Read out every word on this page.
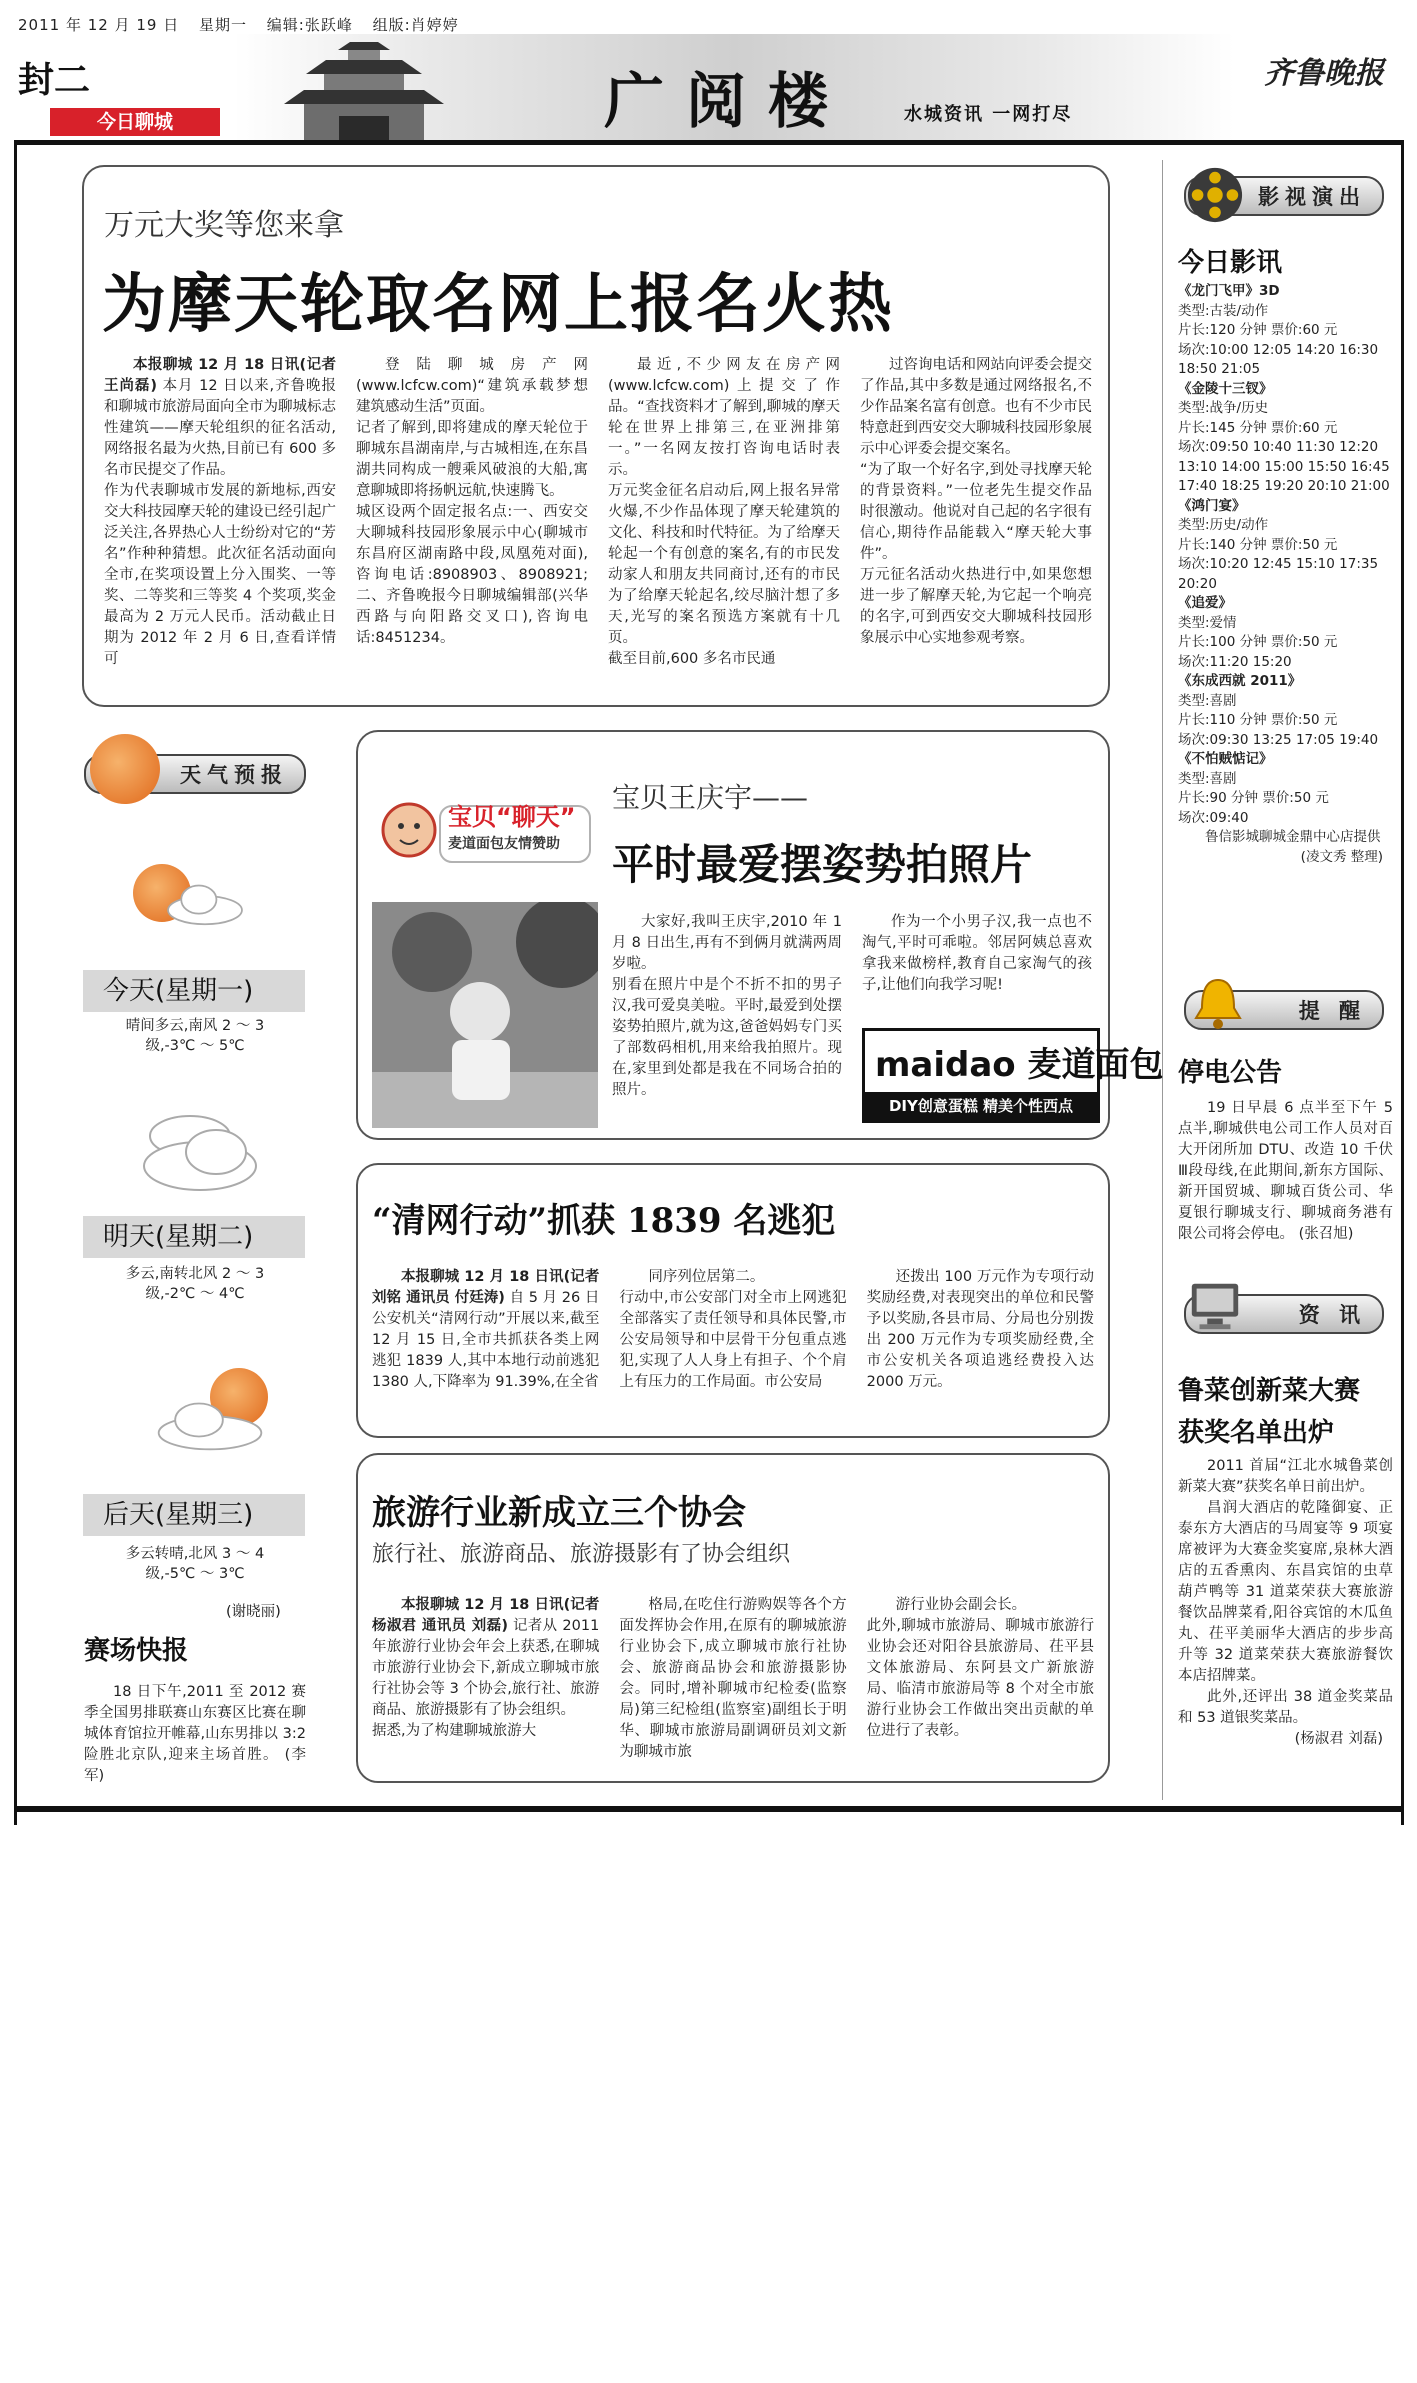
2011 年 12 月 19 日 星期一 编辑:张跃峰 组版:肖婷婷
封二
今日聊城	广阅楼	水城资讯 一网打尽
齐鲁晚报
万元大奖等您来拿
为摩天轮取名网上报名火热

本报聊城 12 月 18 日讯(记者 王尚磊) 本月 12 日以来,齐鲁晚报和聊城市旅游局面向全市为聊城标志性建筑——摩天轮组织的征名活动,网络报名最为火热,目前已有 600 多名市民提交了作品。
作为代表聊城市发展的新地标,西安交大科技园摩天轮的建设已经引起广泛关注,各界热心人士纷纷对它的“芳名”作种种猜想。此次征名活动面向全市,在奖项设置上分入围奖、一等奖、二等奖和三等奖 4 个奖项,奖金最高为 2 万元人民币。活动截止日期为 2012 年 2 月 6 日,查看详情可

登陆聊城房产网(www.lcfcw.com)“建筑承载梦想 建筑感动生活”页面。
记者了解到,即将建成的摩天轮位于聊城东昌湖南岸,与古城相连,在东昌湖共同构成一艘乘风破浪的大船,寓意聊城即将扬帆远航,快速腾飞。
城区设两个固定报名点:一、西安交大聊城科技园形象展示中心(聊城市东昌府区湖南路中段,凤凰苑对面),咨询电话:8908903、8908921;二、齐鲁晚报今日聊城编辑部(兴华西路与向阳路交叉口),咨询电话:8451234。

最近,不少网友在房产网(www.lcfcw.com)上提交了作品。“查找资料才了解到,聊城的摩天轮在世界上排第三,在亚洲排第一。”一名网友按打咨询电话时表示。
万元奖金征名启动后,网上报名异常火爆,不少作品体现了摩天轮建筑的文化、科技和时代特征。为了给摩天轮起一个有创意的案名,有的市民发动家人和朋友共同商讨,还有的市民为了给摩天轮起名,绞尽脑汁想了多天,光写的案名预选方案就有十几页。
截至目前,600 多名市民通

过咨询电话和网站向评委会提交了作品,其中多数是通过网络报名,不少作品案名富有创意。也有不少市民特意赶到西安交大聊城科技园形象展示中心评委会提交案名。
“为了取一个好名字,到处寻找摩天轮的背景资料。”一位老先生提交作品时很激动。他说对自己起的名字很有信心,期待作品能载入“摩天轮大事件”。
万元征名活动火热进行中,如果您想进一步了解摩天轮,为它起一个响亮的名字,可到西安交大聊城科技园形象展示中心实地参观考察。

宝贝王庆宇——
平时最爱摆姿势拍照片

大家好,我叫王庆宇,2010 年 1 月 8 日出生,再有不到俩月就满两周岁啦。
别看在照片中是个不折不扣的男子汉,我可爱臭美啦。平时,最爱到处摆姿势拍照片,就为这,爸爸妈妈专门买了部数码相机,用来给我拍照片。现在,家里到处都是我在不同场合拍的照片。

作为一个小男子汉,我一点也不淘气,平时可乖啦。邻居阿姨总喜欢拿我来做榜样,教育自己家淘气的孩子,让他们向我学习呢!

宝贝“聊天”
麦道面包友情赞助
maidao 麦道面包
DIY创意蛋糕 精美个性西点
“清网行动”抓获 1839 名逃犯

本报聊城 12 月 18 日讯(记者 刘铭 通讯员 付廷涛) 自 5 月 26 日公安机关“清网行动”开展以来,截至 12 月 15 日,全市共抓获各类上网逃犯 1839 人,其中本地行动前逃犯 1380 人,下降率为 91.39%,在全省

同序列位居第二。
行动中,市公安部门对全市上网逃犯全部落实了责任领导和具体民警,市公安局领导和中层骨干分包重点逃犯,实现了人人身上有担子、个个肩上有压力的工作局面。市公安局

还拨出 100 万元作为专项行动奖励经费,对表现突出的单位和民警予以奖励,各县市局、分局也分别拨出 200 万元作为专项奖励经费,全市公安机关各项追逃经费投入达 2000 万元。

旅游行业新成立三个协会
旅行社、旅游商品、旅游摄影有了协会组织

本报聊城 12 月 18 日讯(记者 杨淑君 通讯员 刘磊) 记者从 2011 年旅游行业协会年会上获悉,在聊城市旅游行业协会下,新成立聊城市旅行社协会等 3 个协会,旅行社、旅游商品、旅游摄影有了协会组织。
据悉,为了构建聊城旅游大

格局,在吃住行游购娱等各个方面发挥协会作用,在原有的聊城旅游行业协会下,成立聊城市旅行社协会、旅游商品协会和旅游摄影协会。同时,增补聊城市纪检委(监察局)第三纪检组(监察室)副组长于明华、聊城市旅游局副调研员刘文新为聊城市旅

游行业协会副会长。
此外,聊城市旅游局、聊城市旅游行业协会还对阳谷县旅游局、茌平县文体旅游局、东阿县文广新旅游局、临清市旅游局等 8 个对全市旅游行业协会工作做出突出贡献的单位进行了表彰。

天气预报
今天(星期一)
晴间多云,南风 2 ～ 3 级,-3℃ ～ 5℃
明天(星期二)
多云,南转北风 2 ～ 3 级,-2℃ ～ 4℃
后天(星期三)
多云转晴,北风 3 ～ 4 级,-5℃ ～ 3℃
(谢晓丽)
赛场快报
18 日下午,2011 至 2012 赛季全国男排联赛山东赛区比赛在聊城体育馆拉开帷幕,山东男排以 3:2 险胜北京队,迎来主场首胜。 (李军)
影视演出
今日影讯
《龙门飞甲》3D
类型:古装/动作
片长:120 分钟 票价:60 元
场次:10:00 12:05 14:20 16:30 18:50 21:05
《金陵十三钗》
类型:战争/历史
片长:145 分钟 票价:60 元
场次:09:50 10:40 11:30 12:20 13:10 14:00 15:00 15:50 16:45 17:40 18:25 19:20 20:10 21:00
《鸿门宴》
类型:历史/动作
片长:140 分钟 票价:50 元
场次:10:20 12:45 15:10 17:35 20:20
《追爱》
类型:爱情
片长:100 分钟 票价:50 元
场次:11:20 15:20
《东成西就 2011》
类型:喜剧
片长:110 分钟 票价:50 元
场次:09:30 13:25 17:05 19:40
《不怕贼惦记》
类型:喜剧
片长:90 分钟 票价:50 元
场次:09:40
鲁信影城聊城金鼎中心店提供
(凌文秀 整理)
提 醒
停电公告
19 日早晨 6 点半至下午 5 点半,聊城供电公司工作人员对百大开闭所加 DTU、改造 10 千伏Ⅲ段母线,在此期间,新东方国际、新开国贸城、聊城百货公司、华夏银行聊城支行、聊城商务港有限公司将会停电。 (张召旭)
资 讯
鲁菜创新菜大赛
获奖名单出炉

2011 首届“江北水城鲁菜创新菜大赛”获奖名单日前出炉。

昌润大酒店的乾隆御宴、正泰东方大酒店的马周宴等 9 项宴席被评为大赛金奖宴席,泉林大酒店的五香熏肉、东昌宾馆的虫草葫芦鸭等 31 道菜荣获大赛旅游餐饮品牌菜肴,阳谷宾馆的木瓜鱼丸、茌平美丽华大酒店的步步高升等 32 道菜荣获大赛旅游餐饮本店招牌菜。

此外,还评出 38 道金奖菜品和 53 道银奖菜品。

(杨淑君 刘磊)
